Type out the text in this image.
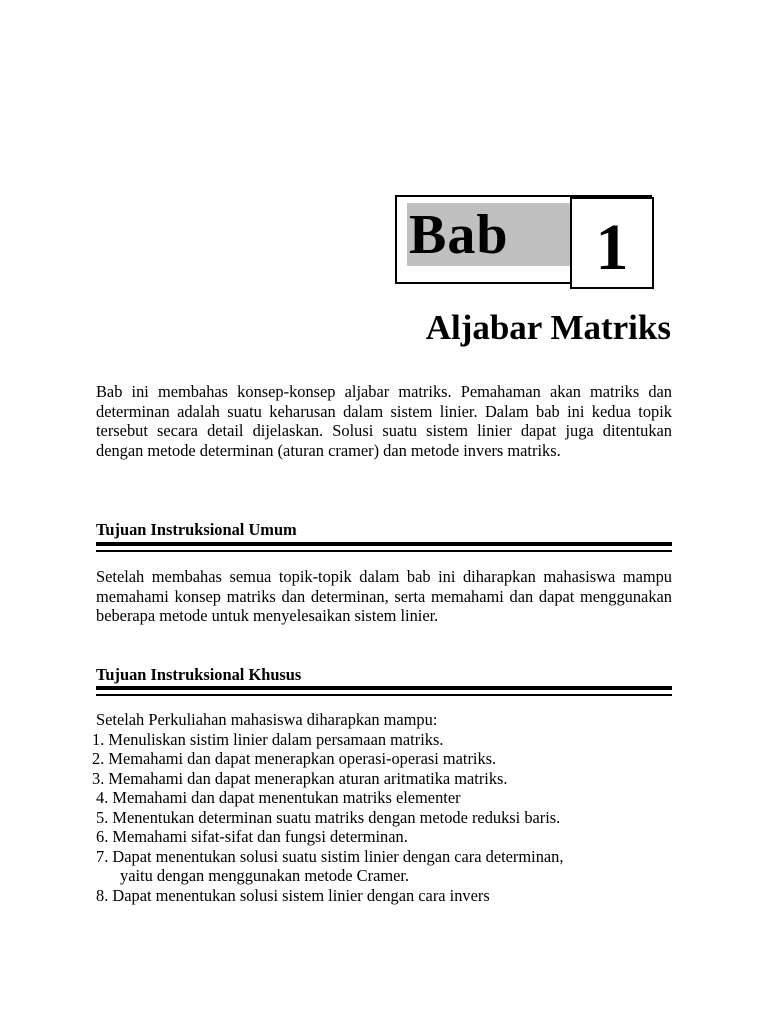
Bab	1
Aljabar Matriks
Bab ini membahas konsep-konsep aljabar matriks. Pemahaman akan matriks dan determinan adalah suatu keharusan dalam sistem linier. Dalam bab ini kedua topik tersebut secara detail dijelaskan. Solusi suatu sistem linier dapat juga ditentukan dengan metode determinan (aturan cramer) dan metode invers matriks.
Tujuan Instruksional Umum
Setelah membahas semua topik-topik dalam bab ini diharapkan mahasiswa mampu memahami konsep matriks dan determinan, serta memahami dan dapat menggunakan beberapa metode untuk menyelesaikan sistem linier.
Tujuan Instruksional Khusus
Setelah Perkuliahan mahasiswa diharapkan mampu:
1. Menuliskan sistim linier dalam persamaan matriks.
2. Memahami dan dapat menerapkan operasi-operasi matriks.
3. Memahami dan dapat menerapkan aturan aritmatika matriks.
4. Memahami dan dapat menentukan matriks elementer
5. Menentukan determinan suatu matriks dengan metode reduksi baris.
6. Memahami sifat-sifat dan fungsi determinan.
7. Dapat menentukan solusi suatu sistim linier dengan cara determinan,
yaitu dengan menggunakan metode Cramer.
8. Dapat menentukan solusi sistem linier dengan cara invers
